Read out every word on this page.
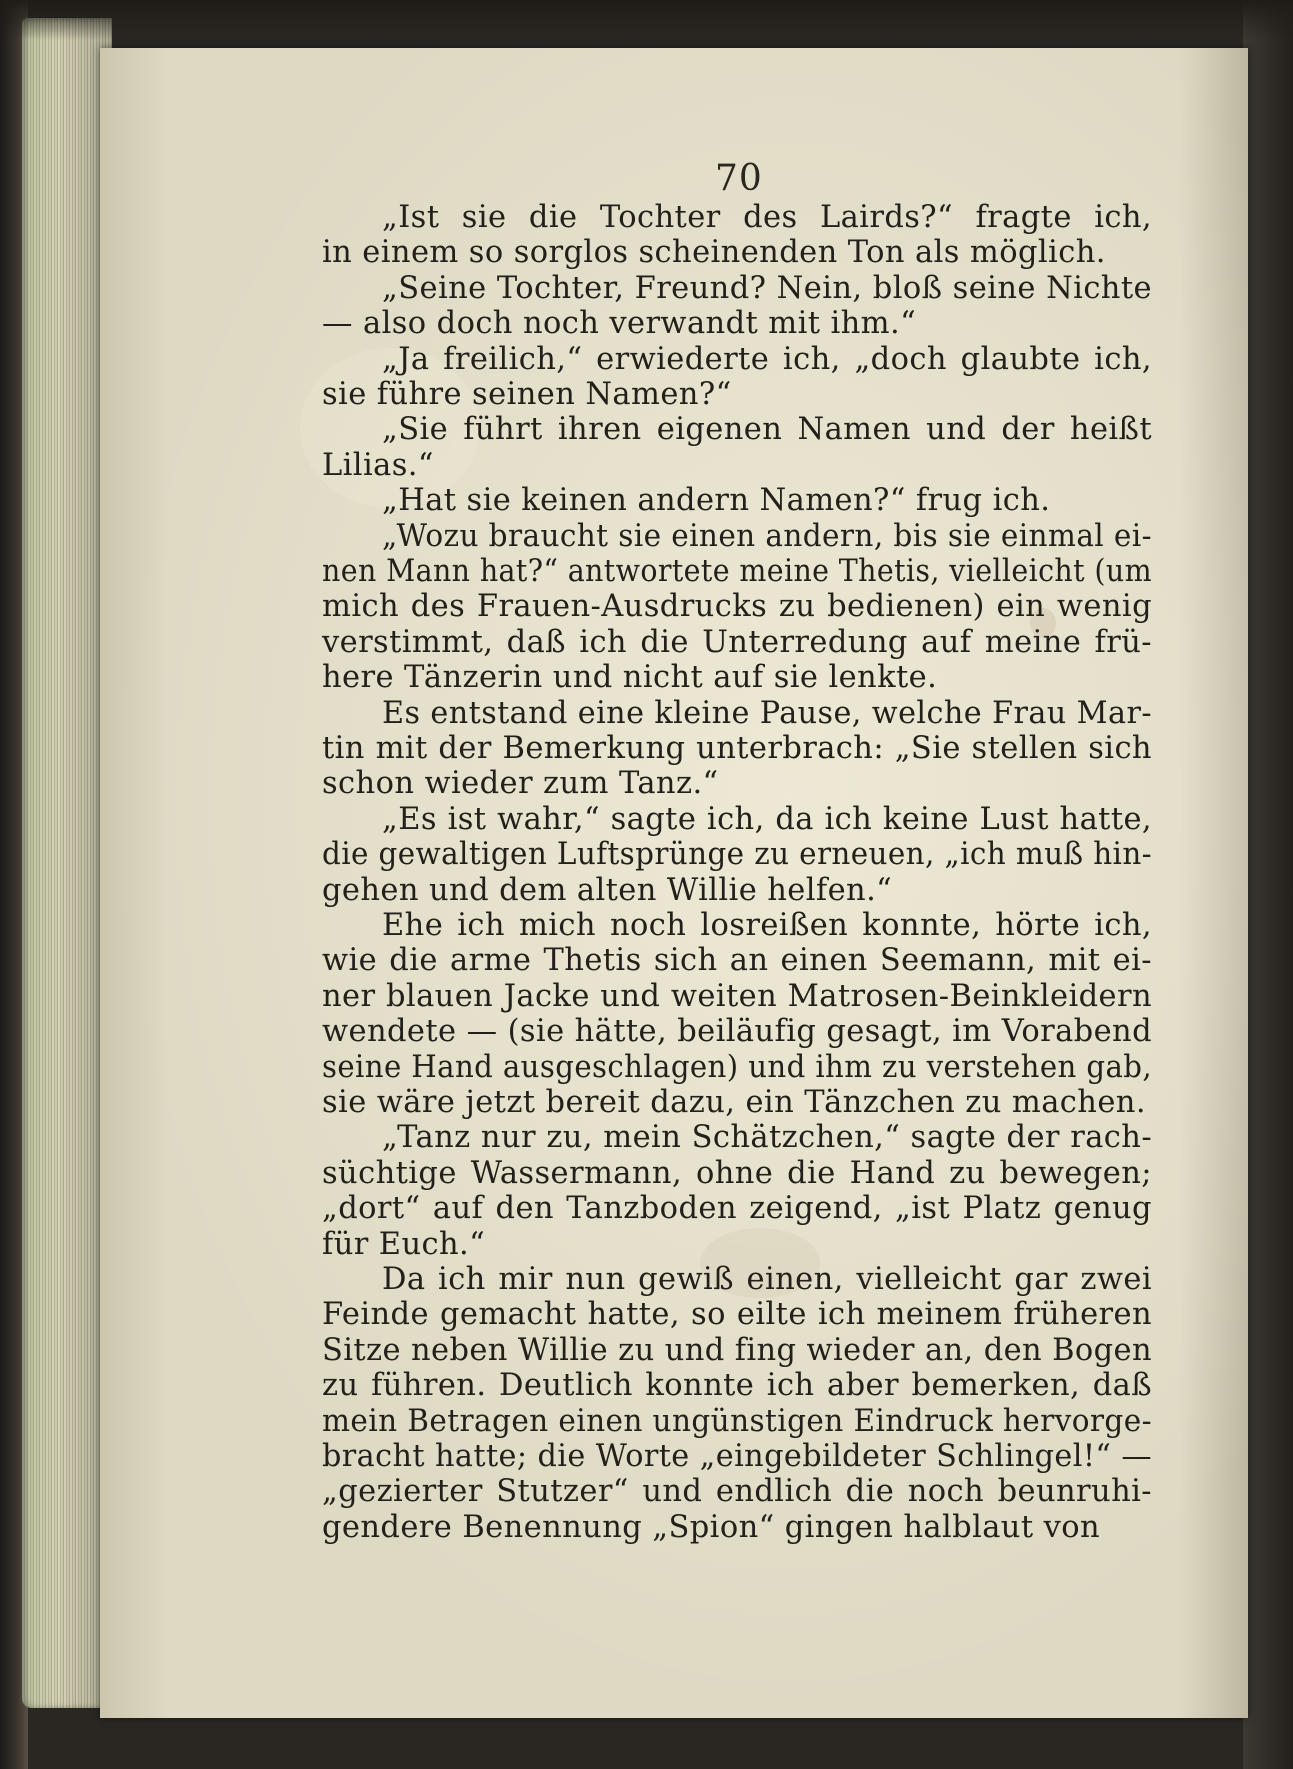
70
„Ist sie die Tochter des Lairds?“ fragte ich,
in einem so sorglos scheinenden Ton als möglich.
„Seine Tochter, Freund? Nein, bloß seine Nichte
— also doch noch verwandt mit ihm.“
„Ja freilich,“ erwiederte ich, „doch glaubte ich,
sie führe seinen Namen?“
„Sie führt ihren eigenen Namen und der heißt
Lilias.“
„Hat sie keinen andern Namen?“ frug ich.
„Wozu braucht sie einen andern, bis sie einmal ei-
nen Mann hat?“ antwortete meine Thetis, vielleicht (um
mich des Frauen-Ausdrucks zu bedienen) ein wenig
verstimmt, daß ich die Unterredung auf meine frü-
here Tänzerin und nicht auf sie lenkte.
Es entstand eine kleine Pause, welche Frau Mar-
tin mit der Bemerkung unterbrach: „Sie stellen sich
schon wieder zum Tanz.“
„Es ist wahr,“ sagte ich, da ich keine Lust hatte,
die gewaltigen Luftsprünge zu erneuen, „ich muß hin-
gehen und dem alten Willie helfen.“
Ehe ich mich noch losreißen konnte, hörte ich,
wie die arme Thetis sich an einen Seemann, mit ei-
ner blauen Jacke und weiten Matrosen-Beinkleidern
wendete — (sie hätte, beiläufig gesagt, im Vorabend
seine Hand ausgeschlagen) und ihm zu verstehen gab,
sie wäre jetzt bereit dazu, ein Tänzchen zu machen.
„Tanz nur zu, mein Schätzchen,“ sagte der rach-
süchtige Wassermann, ohne die Hand zu bewegen;
„dort“ auf den Tanzboden zeigend, „ist Platz genug
für Euch.“
Da ich mir nun gewiß einen, vielleicht gar zwei
Feinde gemacht hatte, so eilte ich meinem früheren
Sitze neben Willie zu und fing wieder an, den Bogen
zu führen. Deutlich konnte ich aber bemerken, daß
mein Betragen einen ungünstigen Eindruck hervorge-
bracht hatte; die Worte „eingebildeter Schlingel!“ —
„gezierter Stutzer“ und endlich die noch beunruhi-
gendere Benennung „Spion“ gingen halblaut von
